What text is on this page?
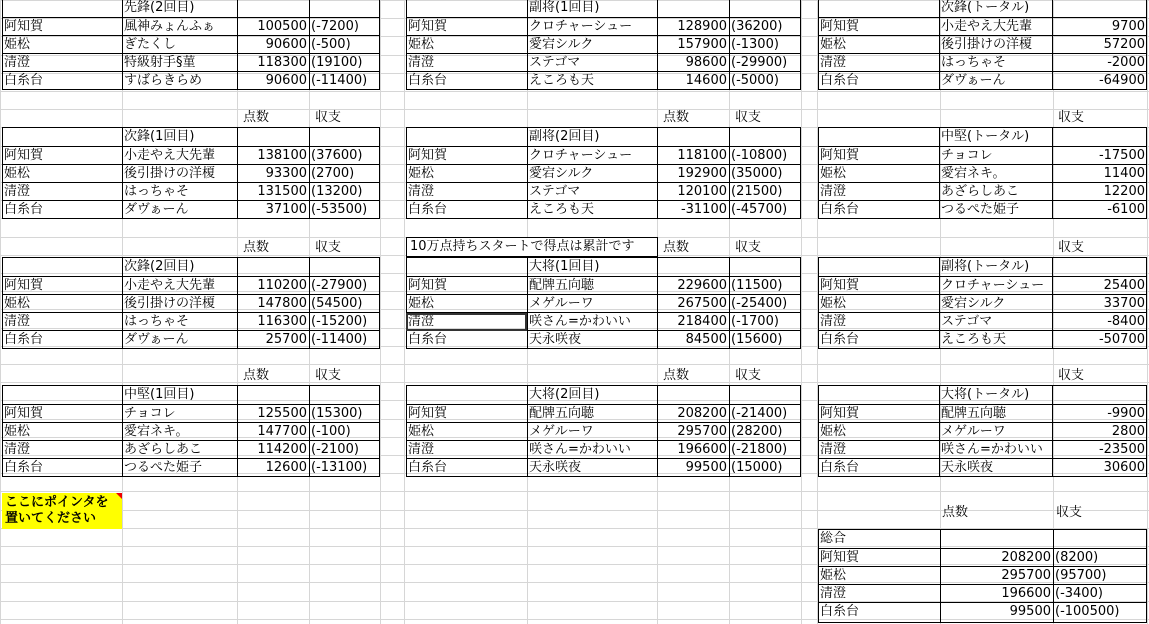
ここにポインタを置いてください
10万点持ちスタートで得点は累計です
先鋒(2回目)
阿知賀	風神みょんふぁ	100500 (-7200)
姫松	ぎたくし	90600 (-500)
清澄	特級射手§菫	118300 (19100)
白糸台	すばらきらめ	90600 (-11400)
点数	収支
次鋒(1回目)
阿知賀	小走やえ大先輩	138100 (37600)
姫松	後引掛けの洋榎	93300 (2700)
清澄	はっちゃそ	131500 (13200)
白糸台	ダヴぁーん	37100 (-53500)
点数	収支
次鋒(2回目)
阿知賀	小走やえ大先輩	110200 (-27900)
姫松	後引掛けの洋榎	147800 (54500)
清澄	はっちゃそ	116300 (-15200)
白糸台	ダヴぁーん	25700 (-11400)
点数	収支
中堅(1回目)
阿知賀	チョコレ	125500 (15300)
姫松	愛宕ネキ。	147700 (-100)
清澄	あざらしあこ	114200 (-2100)
白糸台	つるぺた姫子	12600 (-13100)
副将(1回目)
阿知賀	クロチャーシュー	128900 (36200)
姫松	愛宕シルク	157900 (-1300)
清澄	ステゴマ	98600 (-29900)
白糸台	えころも天	14600 (-5000)
点数	収支
副将(2回目)
阿知賀	クロチャーシュー	118100 (-10800)
姫松	愛宕シルク	192900 (35000)
清澄	ステゴマ	120100 (21500)
白糸台	えころも天	-31100 (-45700)
点数	収支
大将(1回目)
阿知賀	配牌五向聴	229600 (11500)
姫松	メゲルーワ	267500 (-25400)
清澄	咲さん=かわいい	218400 (-1700)
白糸台	天永咲夜	84500 (15600)
点数	収支
大将(2回目)
阿知賀	配牌五向聴	208200 (-21400)
姫松	メゲルーワ	295700 (28200)
清澄	咲さん=かわいい	196600 (-21800)
白糸台	天永咲夜	99500 (15000)
次鋒(トータル)
阿知賀	小走やえ大先輩	9700
姫松	後引掛けの洋榎	57200
清澄	はっちゃそ	-2000
白糸台	ダヴぁーん	-64900
収支
中堅(トータル)
阿知賀	チョコレ	-17500
姫松	愛宕ネキ。	11400
清澄	あざらしあこ	12200
白糸台	つるぺた姫子	-6100
収支
副将(トータル)
阿知賀	クロチャーシュー	25400
姫松	愛宕シルク	33700
清澄	ステゴマ	-8400
白糸台	えころも天	-50700
収支
大将(トータル)
阿知賀	配牌五向聴	-9900
姫松	メゲルーワ	2800
清澄	咲さん=かわいい	-23500
白糸台	天永咲夜	30600
点数	収支
総合
阿知賀	208200 (8200)
姫松	295700 (95700)
清澄	196600 (-3400)
白糸台	99500 (-100500)
